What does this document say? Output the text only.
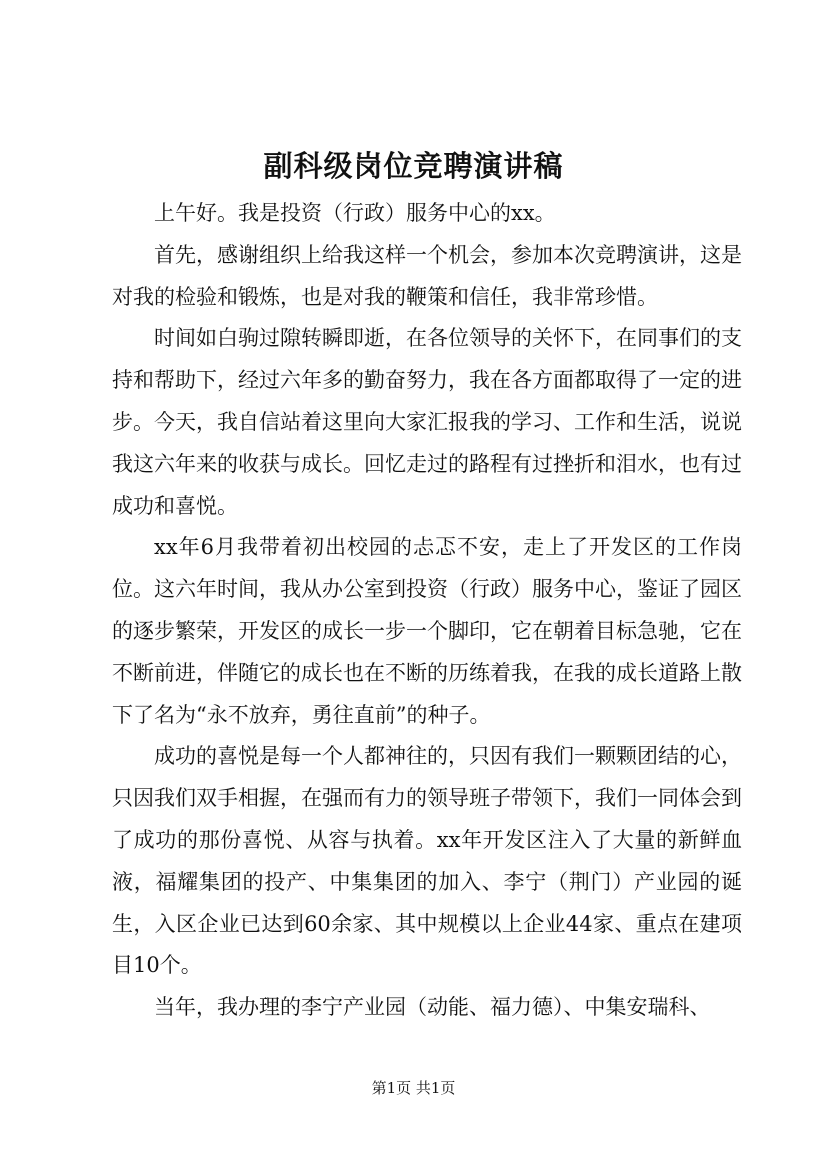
副科级岗位竞聘演讲稿

上午好。我是投资（行政）服务中心的xx。

首先，感谢组织上给我这样一个机会，参加本次竞聘演讲，这是对我的检验和锻炼，也是对我的鞭策和信任，我非常珍惜。

时间如白驹过隙转瞬即逝，在各位领导的关怀下，在同事们的支持和帮助下，经过六年多的勤奋努力，我在各方面都取得了一定的进步。今天，我自信站着这里向大家汇报我的学习、工作和生活，说说我这六年来的收获与成长。回忆走过的路程有过挫折和泪水，也有过成功和喜悦。

xx年6月我带着初出校园的忐忑不安，走上了开发区的工作岗位。这六年时间，我从办公室到投资（行政）服务中心，鉴证了园区的逐步繁荣，开发区的成长一步一个脚印，它在朝着目标急驰，它在不断前进，伴随它的成长也在不断的历练着我，在我的成长道路上散下了名为“永不放弃，勇往直前”的种子。

成功的喜悦是每一个人都神往的，只因有我们一颗颗团结的心，只因我们双手相握，在强而有力的领导班子带领下，我们一同体会到了成功的那份喜悦、从容与执着。xx年开发区注入了大量的新鲜血液，福耀集团的投产、中集集团的加入、李宁（荆门）产业园的诞生，入区企业已达到60余家、其中规模以上企业44家、重点在建项目10个。

当年，我办理的李宁产业园（动能、福力德）、中集安瑞科、

第1页 共1页
